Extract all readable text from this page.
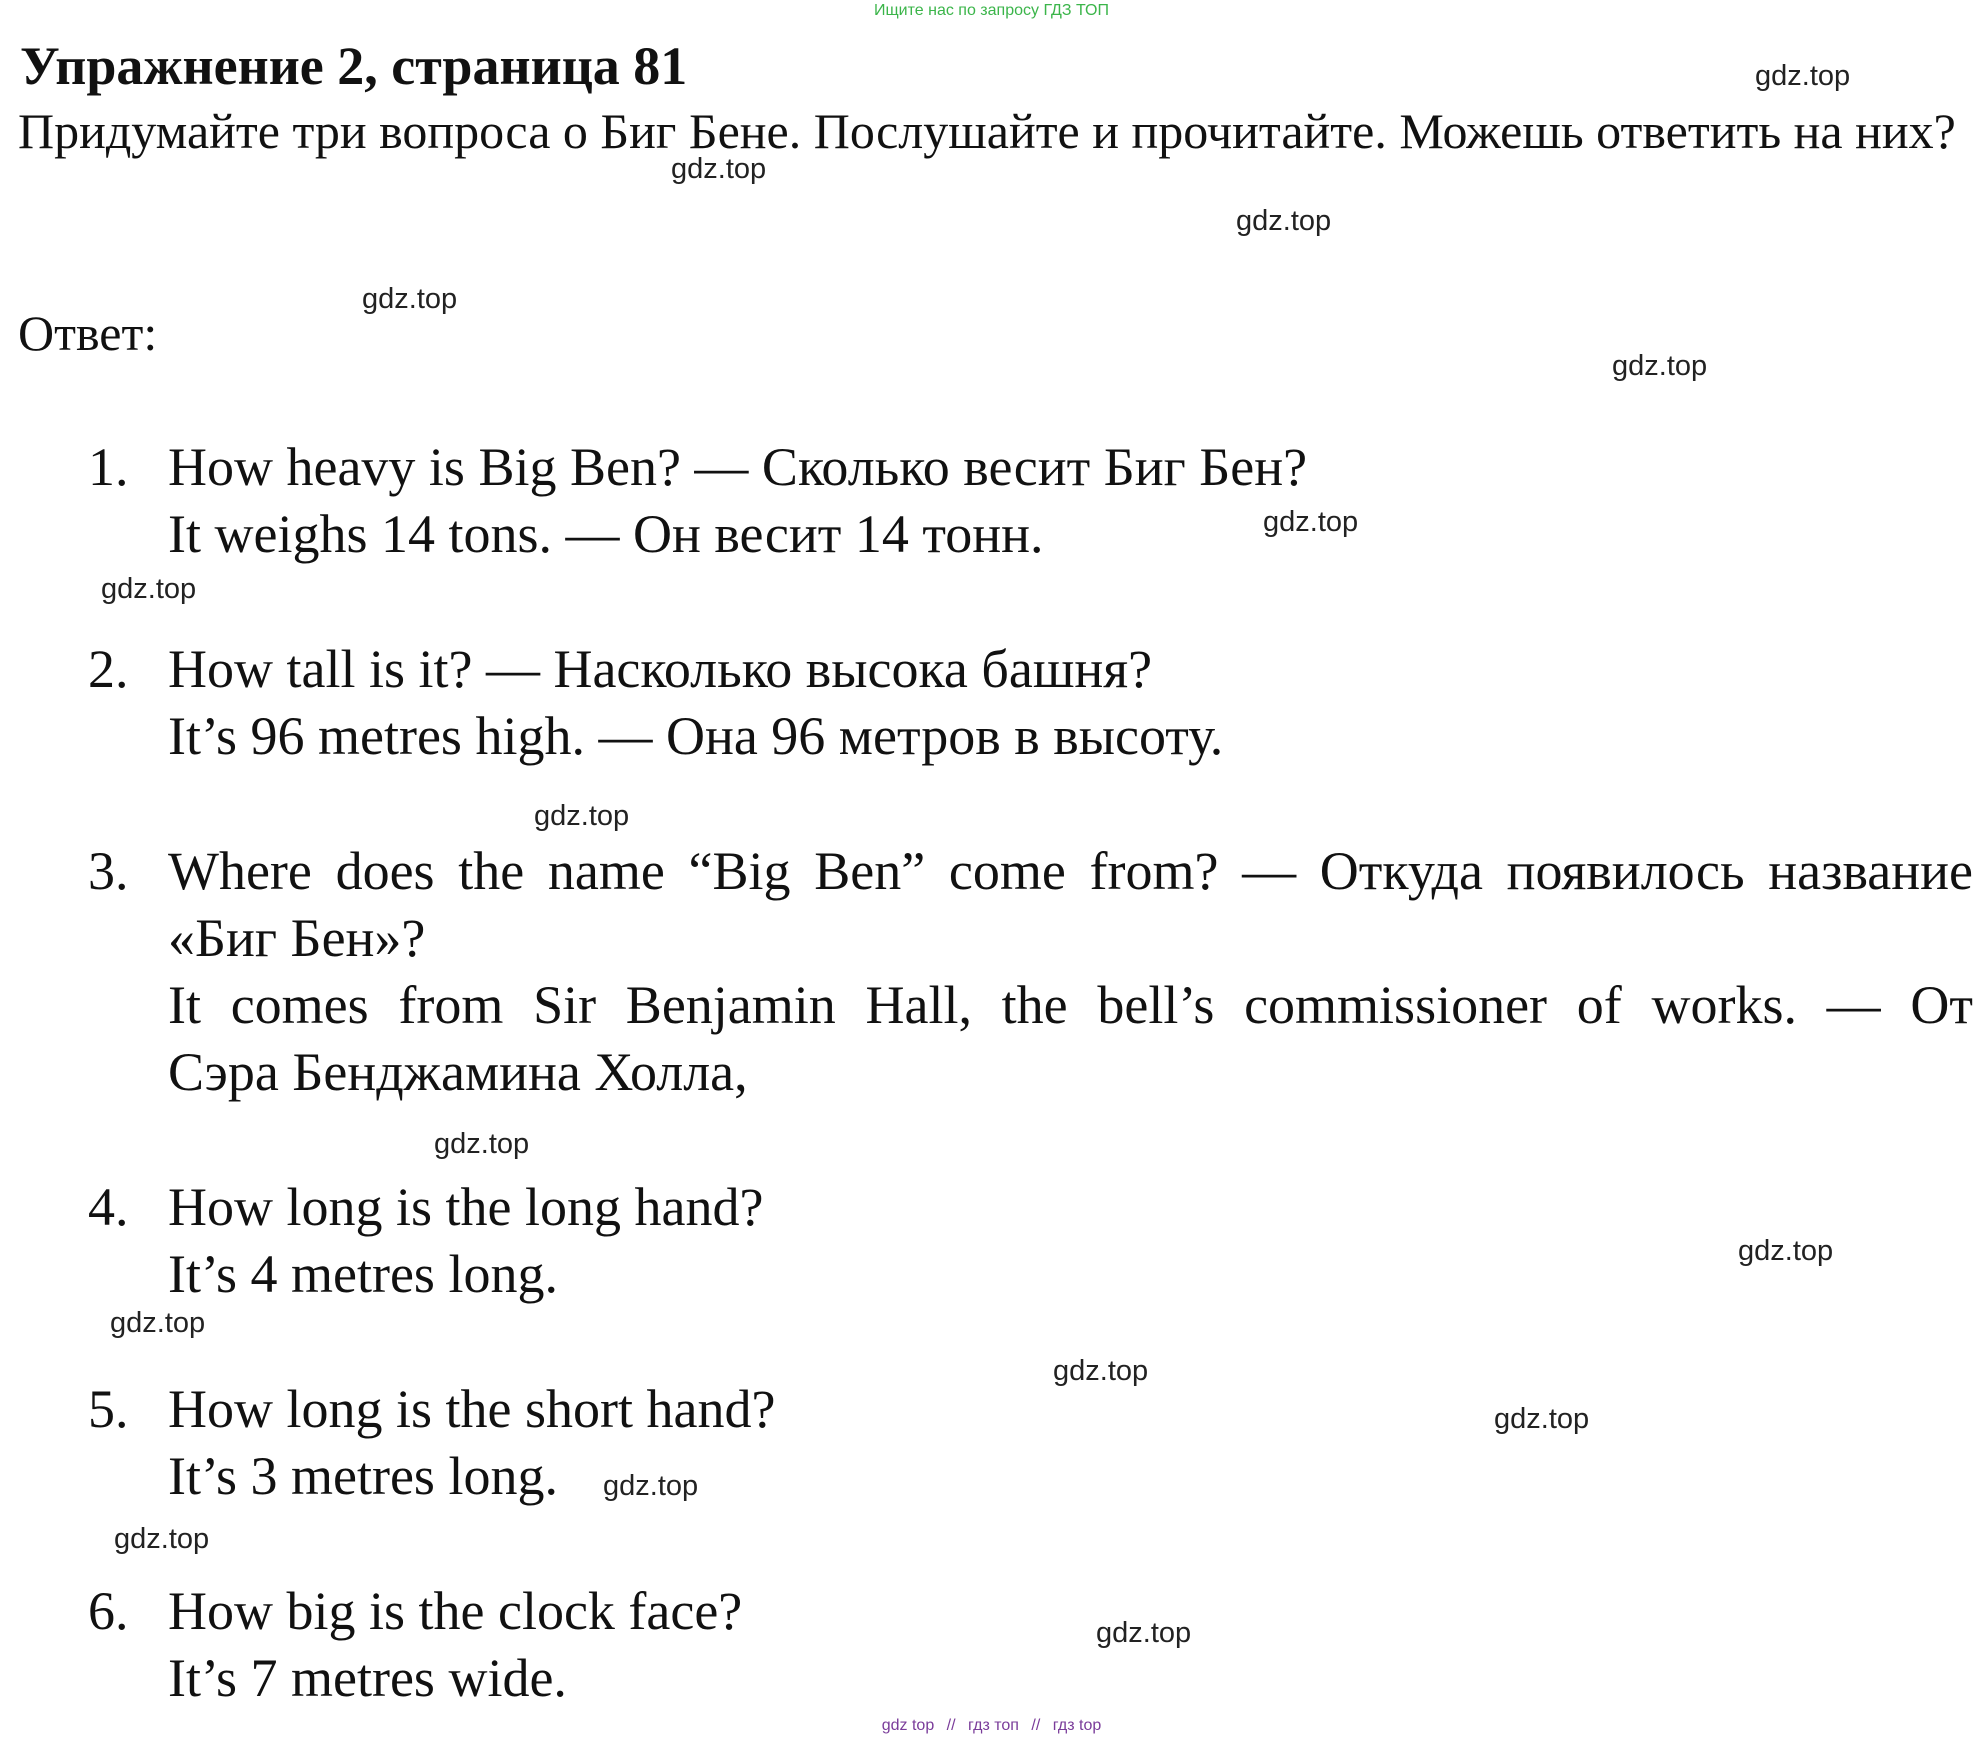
Ищите нас по запросу ГДЗ ТОП
Упражнение 2, страница 81

Придумайте три вопроса о Биг Бене. Послушайте и прочитайте. Можешь ответить на них?

Ответ:

1. How heavy is Big Ben? — Сколько весит Биг Бен?
It weighs 14 tons. — Он весит 14 тонн.
2. How tall is it? — Насколько высока башня?
It’s 96 metres high. — Она 96 метров в высоту.
3. Where does the name “Big Ben” come from? — Откуда появилось название
«Биг Бен»?
It comes from Sir Benjamin Hall, the bell’s commissioner of works. — От
Сэра Бенджамина Холла,
4. How long is the long hand?
It’s 4 metres long.
5. How long is the short hand?
It’s 3 metres long.
6. How big is the clock face?
It’s 7 metres wide.
gdz.top
gdz.top
gdz.top
gdz.top
gdz.top
gdz.top
gdz.top
gdz.top
gdz.top
gdz.top
gdz.top
gdz.top
gdz.top
gdz.top
gdz.top
gdz.top
gdz top // гдз топ // гдз top
